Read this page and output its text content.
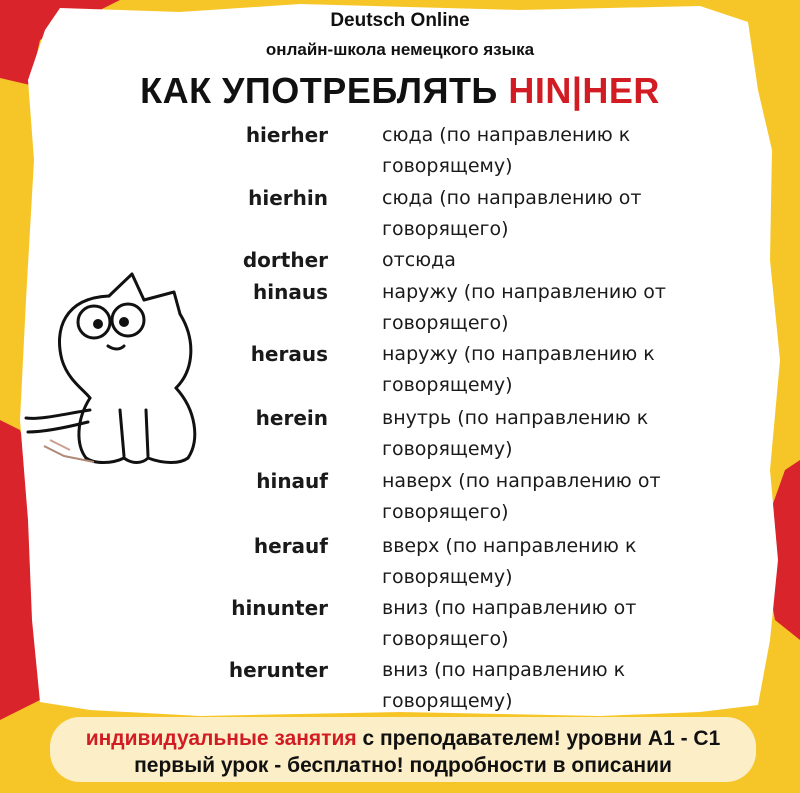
Deutsch Online
онлайн-школа немецкого языка
КАК УПОТРЕБЛЯТЬ HIN|HER
hierher	сюда (по направлению к
говорящему)
hierhin	сюда (по направлению от
говорящего)
dorther	отсюда
hinaus	наружу (по направлению от
говорящего)
heraus	наружу (по направлению к
говорящему)
herein	внутрь (по направлению к
говорящему)
hinauf	наверх (по направлению от
говорящего)
herauf	вверх (по направлению к
говорящему)
hinunter	вниз (по направлению от
говорящего)
herunter	вниз (по направлению к
говорящему)
индивидуальные занятия с преподавателем! уровни А1 - С1
первый урок - бесплатно! подробности в описании
